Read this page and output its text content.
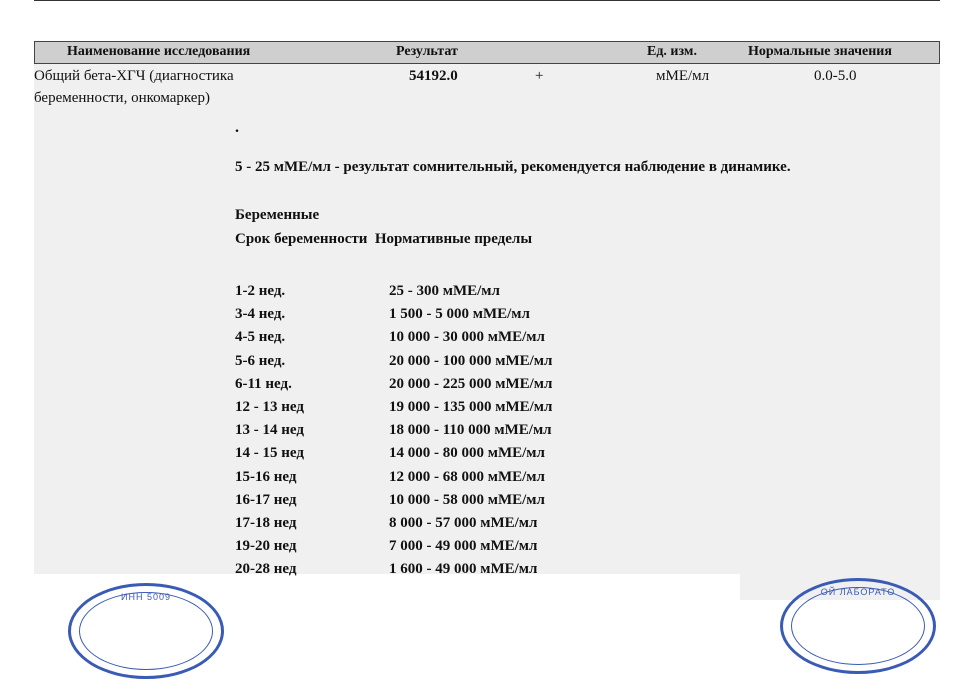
Наименование исследования	Результат	Ед. изм.	Нормальные значения
Общий бета-ХГЧ (диагностика
беременности, онкомаркер)
54192.0	+	мМЕ/мл	0.0-5.0
.
5 - 25 мМЕ/мл - результат сомнительный, рекомендуется наблюдение в динамике.
Беременные
Срок беременности  Нормативные пределы
1-2 нед.	25 - 300 мМЕ/мл
3-4 нед.	1 500 - 5 000 мМЕ/мл
4-5 нед.	10 000 - 30 000 мМЕ/мл
5-6 нед.	20 000 - 100 000 мМЕ/мл
6-11 нед.	20 000 - 225 000 мМЕ/мл
12 - 13 нед	19 000 - 135 000 мМЕ/мл
13 - 14 нед	18 000 - 110 000 мМЕ/мл
14 - 15 нед	14 000 - 80 000 мМЕ/мл
15-16 нед	12 000 - 68 000 мМЕ/мл
16-17 нед	10 000 - 58 000 мМЕ/мл
17-18 нед	8 000 - 57 000 мМЕ/мл
19-20 нед	7 000 - 49 000 мМЕ/мл
20-28 нед	1 600 - 49 000 мМЕ/мл
ИНН 5009	ОЙ ЛАБОРАТО
